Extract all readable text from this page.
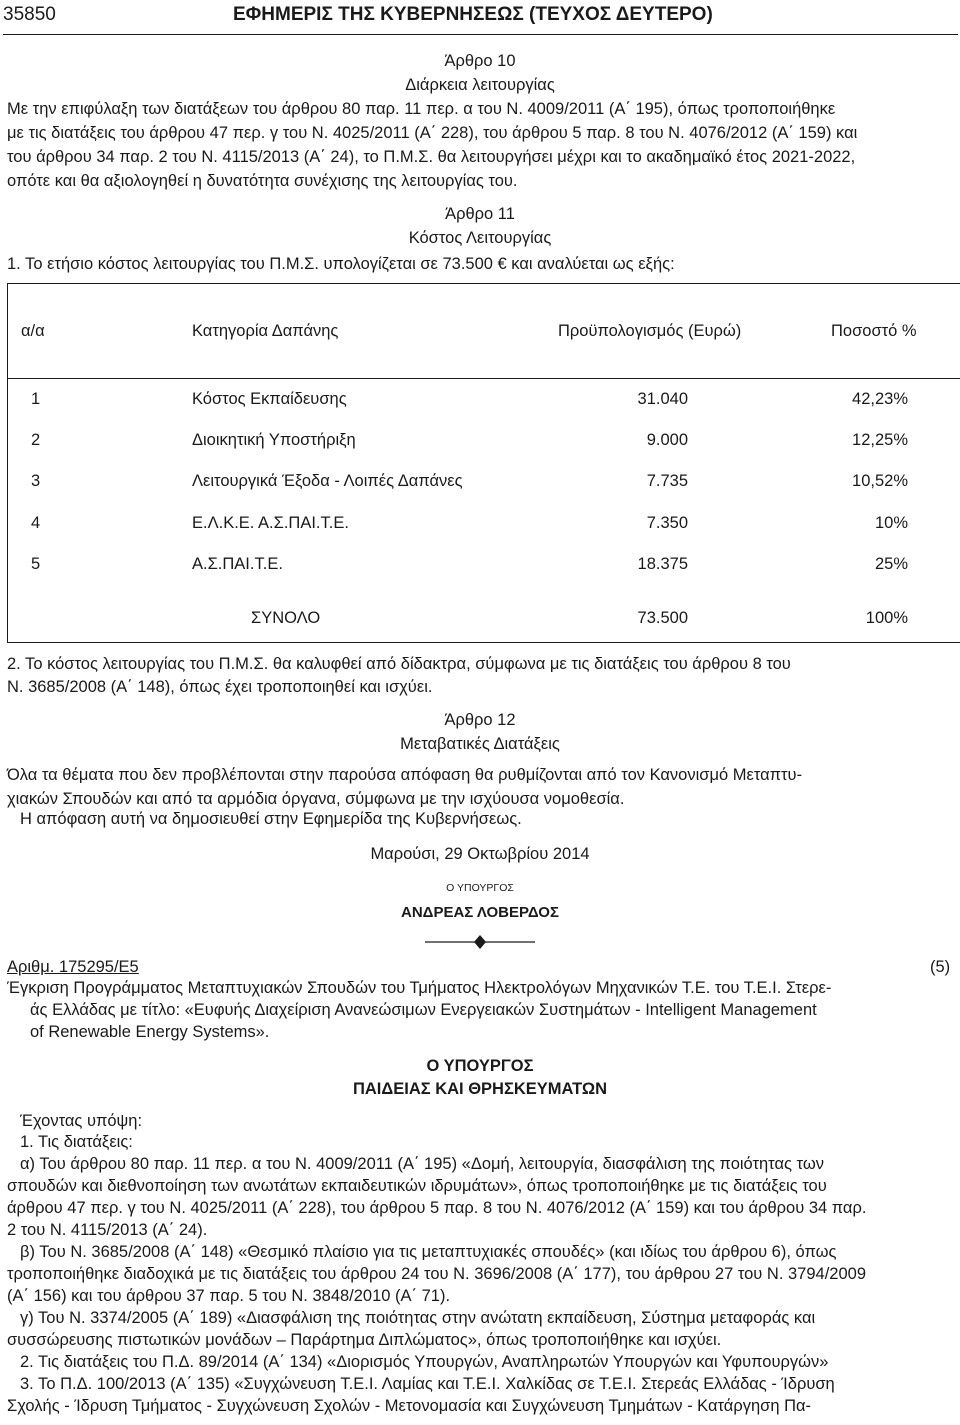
35850	ΕΦΗΜΕΡΙΣ ΤΗΣ ΚΥΒΕΡΝΗΣΕΩΣ (ΤΕΥΧΟΣ ΔΕΥΤΕΡΟ)
Άρθρο 10
Διάρκεια λειτουργίας
Με την επιφύλαξη των διατάξεων του άρθρου 80 παρ. 11 περ. α του Ν. 4009/2011 (Α΄ 195), όπως τροποποιήθηκε
με τις διατάξεις του άρθρου 47 περ. γ του Ν. 4025/2011 (Α΄ 228), του άρθρου 5 παρ. 8 του Ν. 4076/2012 (Α΄ 159) και
του άρθρου 34 παρ. 2 του Ν. 4115/2013 (Α΄ 24), το Π.Μ.Σ. θα λειτουργήσει μέχρι και το ακαδημαϊκό έτος 2021-2022,
οπότε και θα αξιολογηθεί η δυνατότητα συνέχισης της λειτουργίας του.
Άρθρο 11
Κόστος Λειτουργίας
1. Το ετήσιο κόστος λειτουργίας του Π.Μ.Σ. υπολογίζεται σε 73.500 € και αναλύεται ως εξής:
α/α	Κατηγορία Δαπάνης	Προϋπολογισμός (Ευρώ)	Ποσοστό %
1	Κόστος Εκπαίδευσης	31.040	42,23%
2	Διοικητική Υποστήριξη	9.000	12,25%
3	Λειτουργικά Έξοδα - Λοιπές Δαπάνες	7.735	10,52%
4	Ε.Λ.Κ.Ε. Α.Σ.ΠΑΙ.Τ.Ε.	7.350	10%
5	Α.Σ.ΠΑΙ.Τ.Ε.	18.375	25%
ΣΥΝΟΛΟ	73.500	100%
2. Το κόστος λειτουργίας του Π.Μ.Σ. θα καλυφθεί από δίδακτρα, σύμφωνα με τις διατάξεις του άρθρου 8 του
Ν. 3685/2008 (Α΄ 148), όπως έχει τροποποιηθεί και ισχύει.
Άρθρο 12
Μεταβατικές Διατάξεις
Όλα τα θέματα που δεν προβλέπονται στην παρούσα απόφαση θα ρυθμίζονται από τον Κανονισμό Μεταπτυ-
χιακών Σπουδών και από τα αρμόδια όργανα, σύμφωνα με την ισχύουσα νομοθεσία.
Η απόφαση αυτή να δημοσιευθεί στην Εφημερίδα της Κυβερνήσεως.
Μαρούσι, 29 Οκτωβρίου 2014
Ο ΥΠΟΥΡΓΟΣ
ΑΝΔΡΕΑΣ ΛΟΒΕΡΔΟΣ
Αριθμ. 175295/Ε5	(5)
Έγκριση Προγράμματος Μεταπτυχιακών Σπουδών του Τμήματος Ηλεκτρολόγων Μηχανικών Τ.Ε. του Τ.Ε.Ι. Στερε-
άς Ελλάδας με τίτλο: «Ευφυής Διαχείριση Ανανεώσιμων Ενεργειακών Συστημάτων - Intelligent Management
of Renewable Energy Systems».
Ο ΥΠΟΥΡΓΟΣ
ΠΑΙΔΕΙΑΣ ΚΑΙ ΘΡΗΣΚΕΥΜΑΤΩΝ
Έχοντας υπόψη:
1. Τις διατάξεις:
α) Του άρθρου 80 παρ. 11 περ. α του Ν. 4009/2011 (Α΄ 195) «Δομή, λειτουργία, διασφάλιση της ποιότητας των
σπουδών και διεθνοποίηση των ανωτάτων εκπαιδευτικών ιδρυμάτων», όπως τροποποιήθηκε με τις διατάξεις του
άρθρου 47 περ. γ του Ν. 4025/2011 (Α΄ 228), του άρθρου 5 παρ. 8 του Ν. 4076/2012 (Α΄ 159) και του άρθρου 34 παρ.
2 του Ν. 4115/2013 (Α΄ 24).
β) Του Ν. 3685/2008 (Α΄ 148) «Θεσμικό πλαίσιο για τις μεταπτυχιακές σπουδές» (και ιδίως του άρθρου 6), όπως
τροποποιήθηκε διαδοχικά με τις διατάξεις του άρθρου 24 του Ν. 3696/2008 (Α΄ 177), του άρθρου 27 του Ν. 3794/2009
(Α΄ 156) και του άρθρου 37 παρ. 5 του Ν. 3848/2010 (Α΄ 71).
γ) Του Ν. 3374/2005 (Α΄ 189) «Διασφάλιση της ποιότητας στην ανώτατη εκπαίδευση, Σύστημα μεταφοράς και
συσσώρευσης πιστωτικών μονάδων – Παράρτημα Διπλώματος», όπως τροποποιήθηκε και ισχύει.
2. Τις διατάξεις του Π.Δ. 89/2014 (Α΄ 134) «Διορισμός Υπουργών, Αναπληρωτών Υπουργών και Υφυπουργών»
3. Το Π.Δ. 100/2013 (Α΄ 135) «Συγχώνευση Τ.Ε.Ι. Λαμίας και Τ.Ε.Ι. Χαλκίδας σε Τ.Ε.Ι. Στερεάς Ελλάδας - Ίδρυση
Σχολής - Ίδρυση Τμήματος - Συγχώνευση Σχολών - Μετονομασία και Συγχώνευση Τμημάτων - Κατάργηση Πα-
